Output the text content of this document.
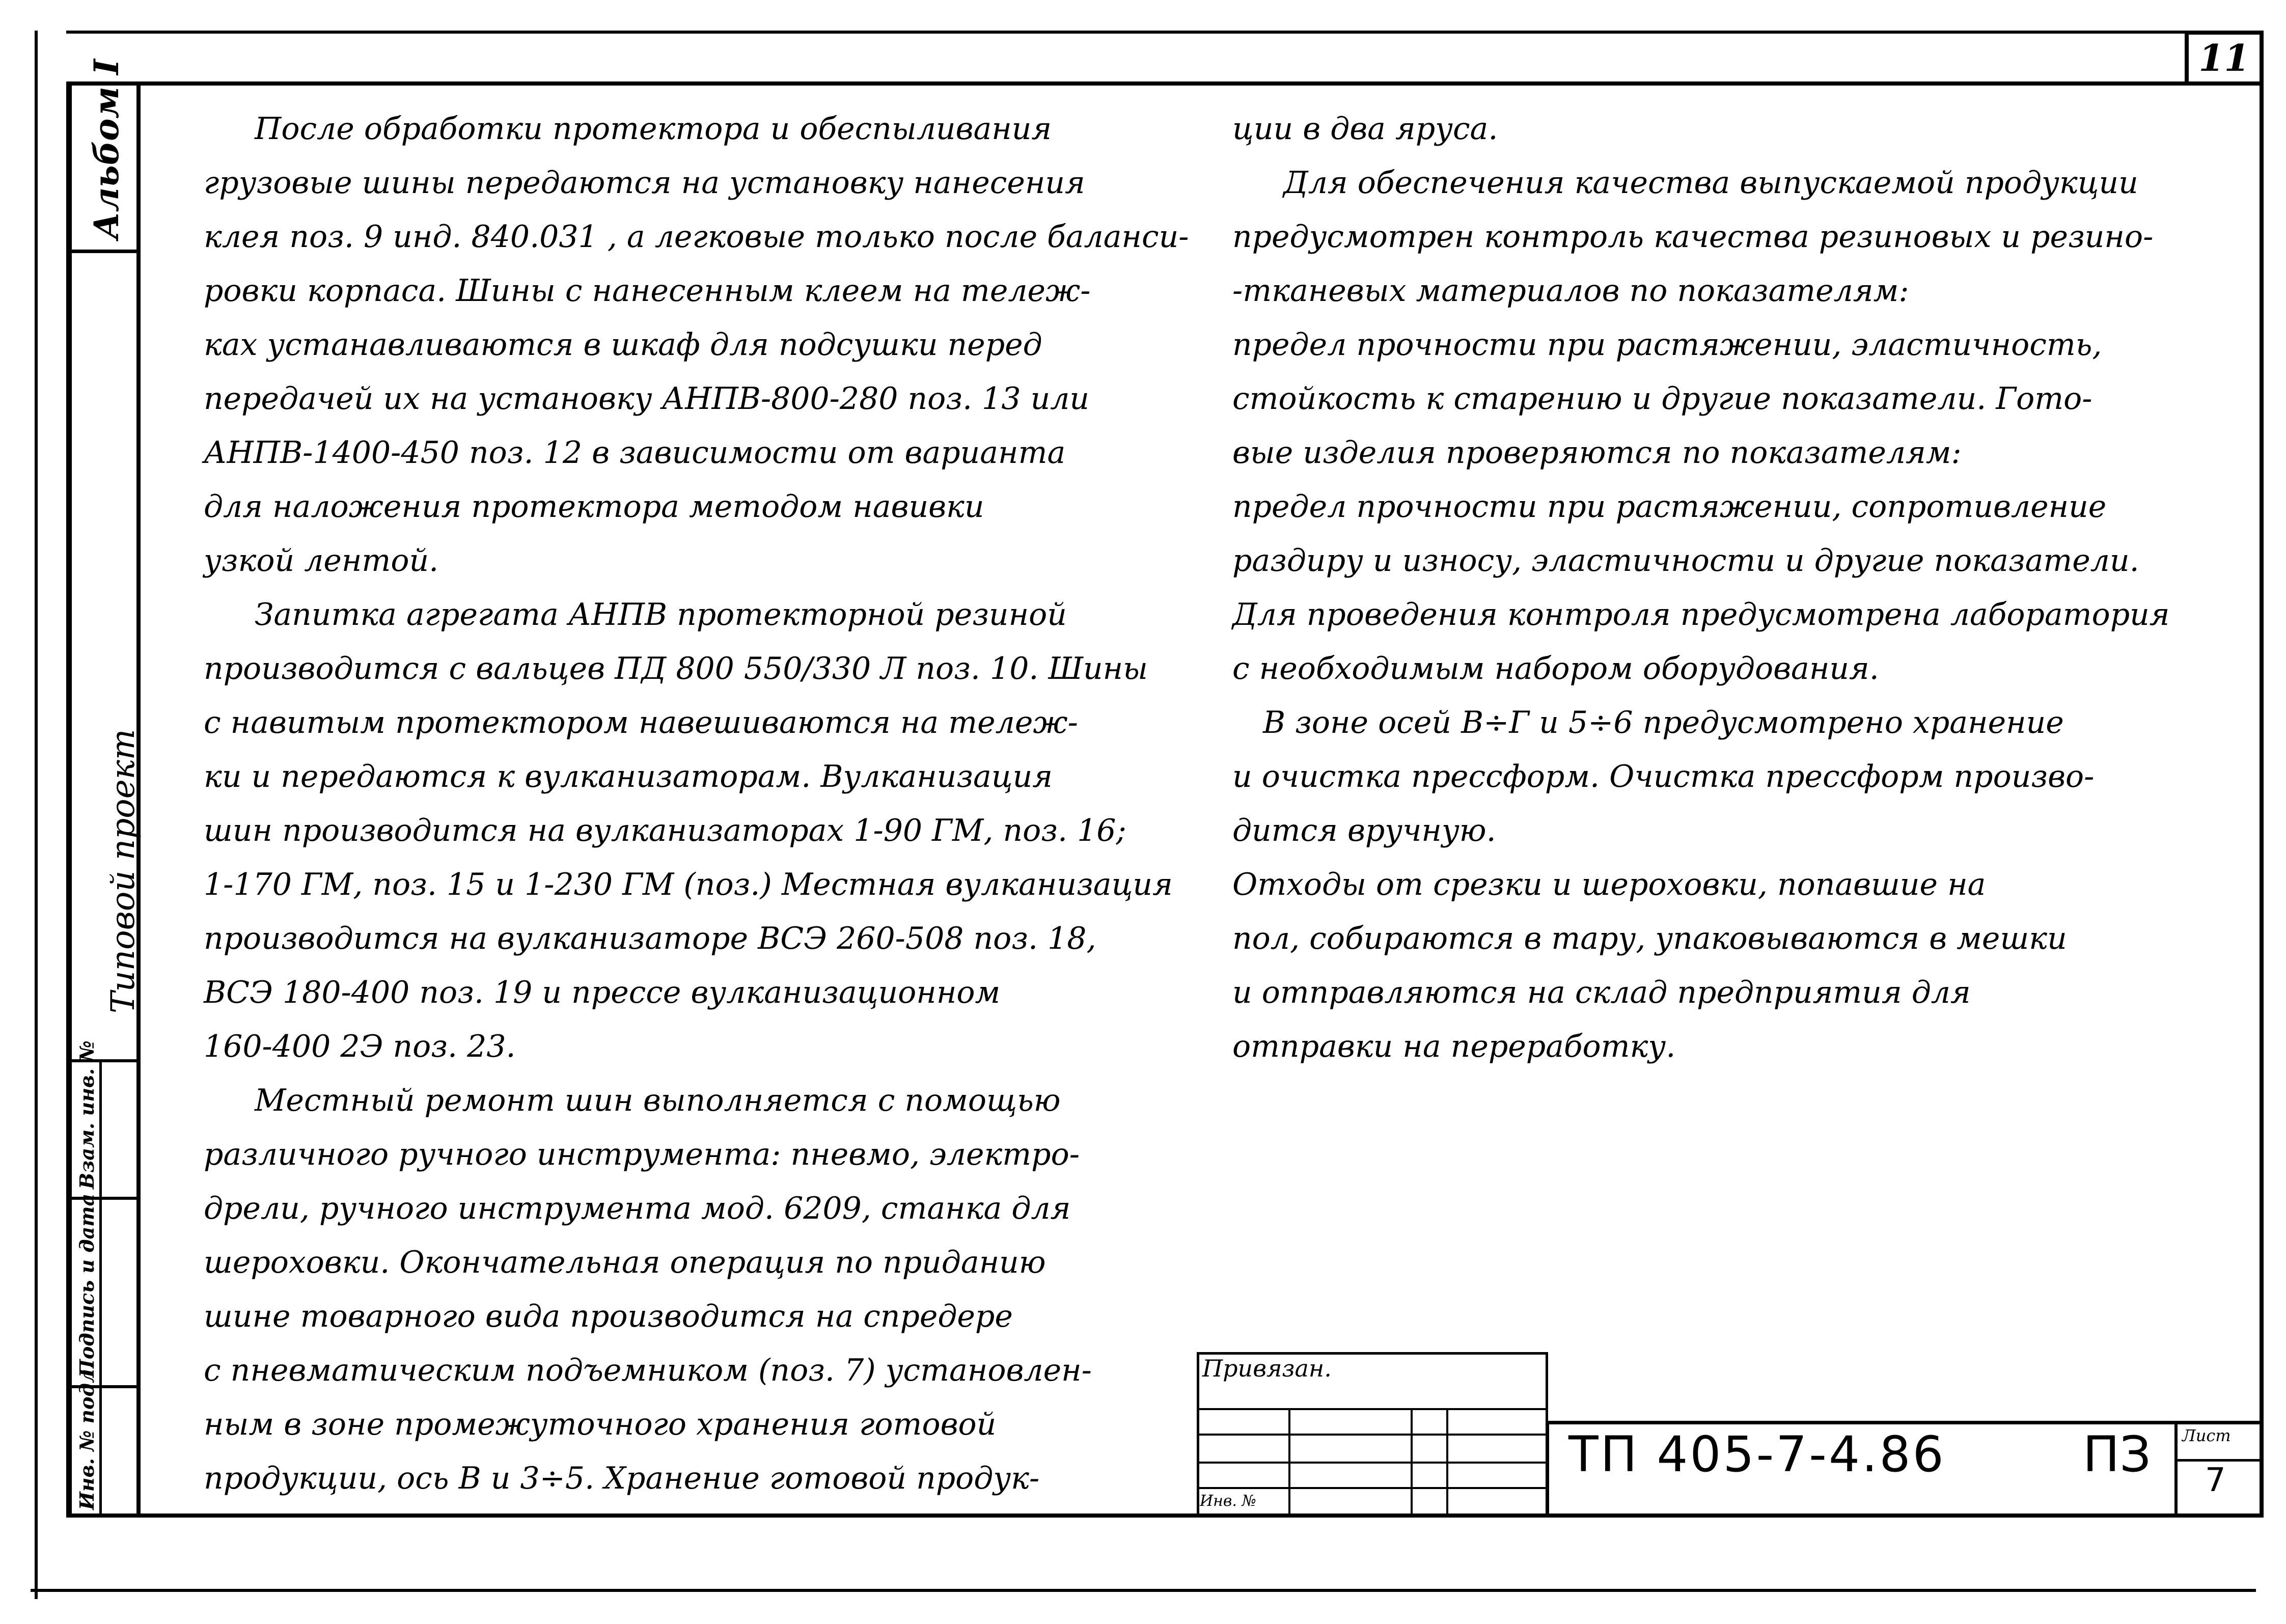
11
Альбом I
Типовой проект
Инв. № подл.
Подпись и дата
Взам. инв. №

После обработки протектора и обеспыливания

грузовые шины передаются на установку нанесения

клея поз. 9 инд. 840.031 , а легковые только после баланси-

ровки корпаса. Шины с нанесенным клеем на тележ-

ках устанавливаются в шкаф для подсушки перед

передачей их на установку АНПВ-800-280 поз. 13 или

АНПВ-1400-450 поз. 12 в зависимости от варианта

для наложения протектора методом навивки

узкой лентой.

Запитка агрегата АНПВ протекторной резиной

производится с вальцев ПД 800 550/330 Л поз. 10. Шины

с навитым протектором навешиваются на тележ-

ки и передаются к вулканизаторам. Вулканизация

шин производится на вулканизаторах 1-90 ГМ, поз. 16;

1-170 ГМ, поз. 15 и 1-230 ГМ (поз.) Местная вулканизация

производится на вулканизаторе ВСЭ 260-508 поз. 18,

ВСЭ 180-400 поз. 19 и прессе вулканизационном

160-400 2Э поз. 23.

Местный ремонт шин выполняется с помощью

различного ручного инструмента: пневмо, электро-

дрели, ручного инструмента мод. 6209, станка для

шероховки. Окончательная операция по приданию

шине товарного вида производится на спредере

с пневматическим подъемником (поз. 7) установлен-

ным в зоне промежуточного хранения готовой

продукции, ось В и 3÷5. Хранение готовой продук-

ции в два яруса.

Для обеспечения качества выпускаемой продукции

предусмотрен контроль качества резиновых и резино-

-тканевых материалов по показателям:

предел прочности при растяжении, эластичность,

стойкость к старению и другие показатели. Гото-

вые изделия проверяются по показателям:

предел прочности при растяжении, сопротивление

раздиру и износу, эластичности и другие показатели.

Для проведения контроля предусмотрена лаборатория

с необходимым набором оборудования.

В зоне осей В÷Г и 5÷6 предусмотрено хранение

и очистка прессформ. Очистка прессформ произво-

дится вручную.

Отходы от срезки и шероховки, попавшие на

пол, собираются в тару, упаковываются в мешки

и отправляются на склад предприятия для

отправки на переработку.

Привязан.
Инв. №
ТП 405-7-4.86	ПЗ Лист
7
